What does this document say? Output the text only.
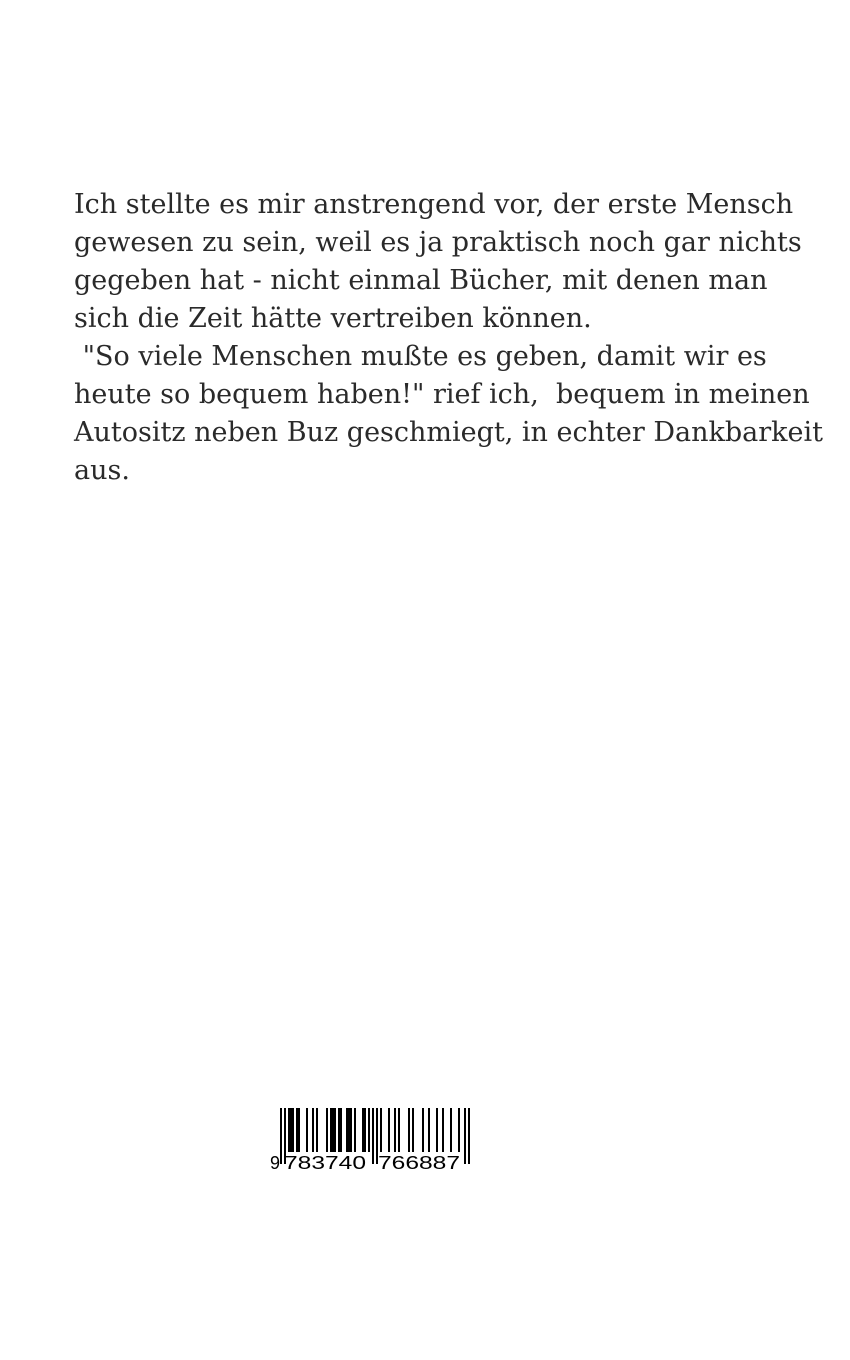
Ich stellte es mir anstrengend vor, der erste Mensch
gewesen zu sein, weil es ja praktisch noch gar nichts
gegeben hat - nicht einmal Bücher, mit denen man
sich die Zeit hätte vertreiben können.
"So viele Menschen mußte es geben, damit wir es
heute so bequem haben!" rief ich,  bequem in meinen
Autositz neben Buz geschmiegt, in echter Dankbarkeit
aus.

9 783740 766887
